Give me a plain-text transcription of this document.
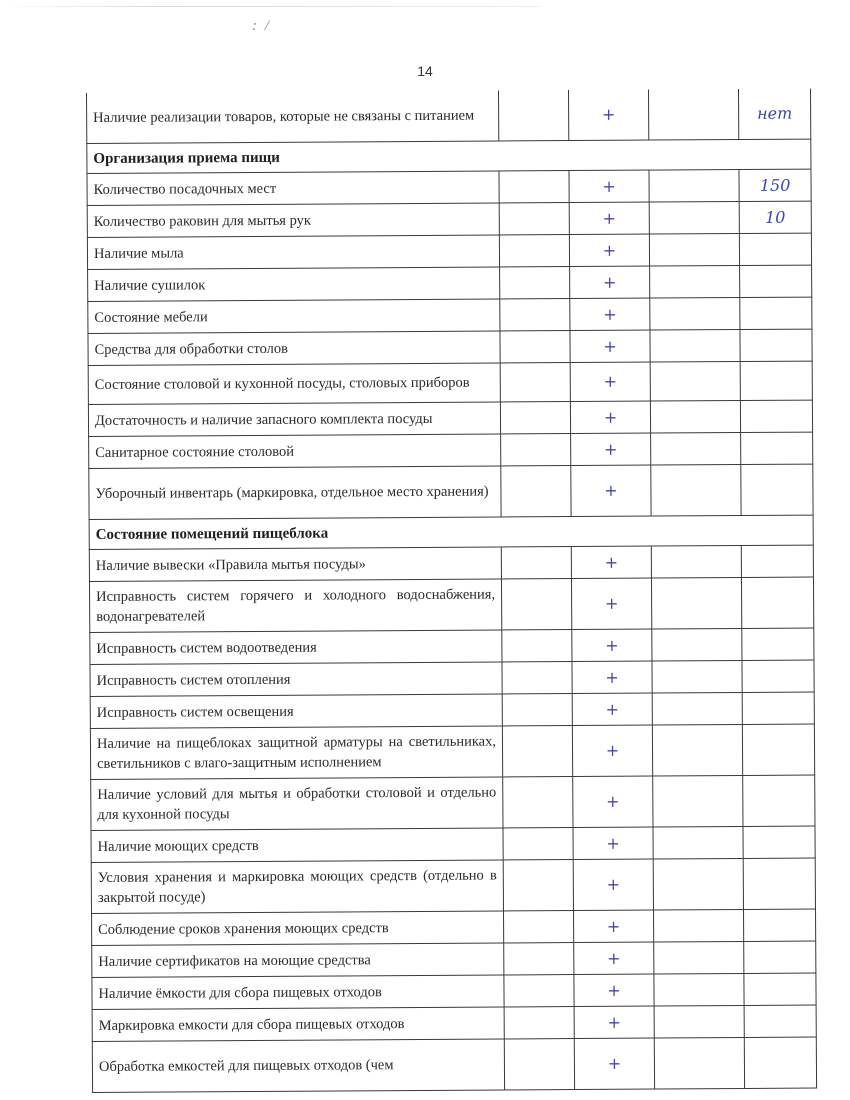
: /
14
Наличие реализации товаров, которые не связаны с питанием		+		нет
Организация приема пищи				
Количество посадочных мест		+		150
Количество раковин для мытья рук		+		10
Наличие мыла		+		
Наличие сушилок		+		
Состояние мебели		+		
Средства для обработки столов		+		
Состояние столовой и кухонной посуды, столовых приборов		+		
Достаточность и наличие запасного комплекта посуды		+		
Санитарное состояние столовой		+		
Уборочный инвентарь (маркировка, отдельное место хранения)		+		
Состояние помещений пищеблока				
Наличие вывески «Правила мытья посуды»		+		
Исправность систем горячего и холодного водоснабжения, водонагревателей		+		
Исправность систем водоотведения		+		
Исправность систем отопления		+		
Исправность систем освещения		+		
Наличие на пищеблоках защитной арматуры на светильниках, светильников с влаго-защитным исполнением		+		
Наличие условий для мытья и обработки столовой и отдельно для кухонной посуды		+		
Наличие моющих средств		+		
Условия хранения и маркировка моющих средств (отдельно в закрытой посуде)		+		
Соблюдение сроков хранения моющих средств		+		
Наличие сертификатов на моющие средства		+		
Наличие ёмкости для сбора пищевых отходов		+		
Маркировка емкости для сбора пищевых отходов		+		
Обработка емкостей для пищевых отходов (чем		+		
